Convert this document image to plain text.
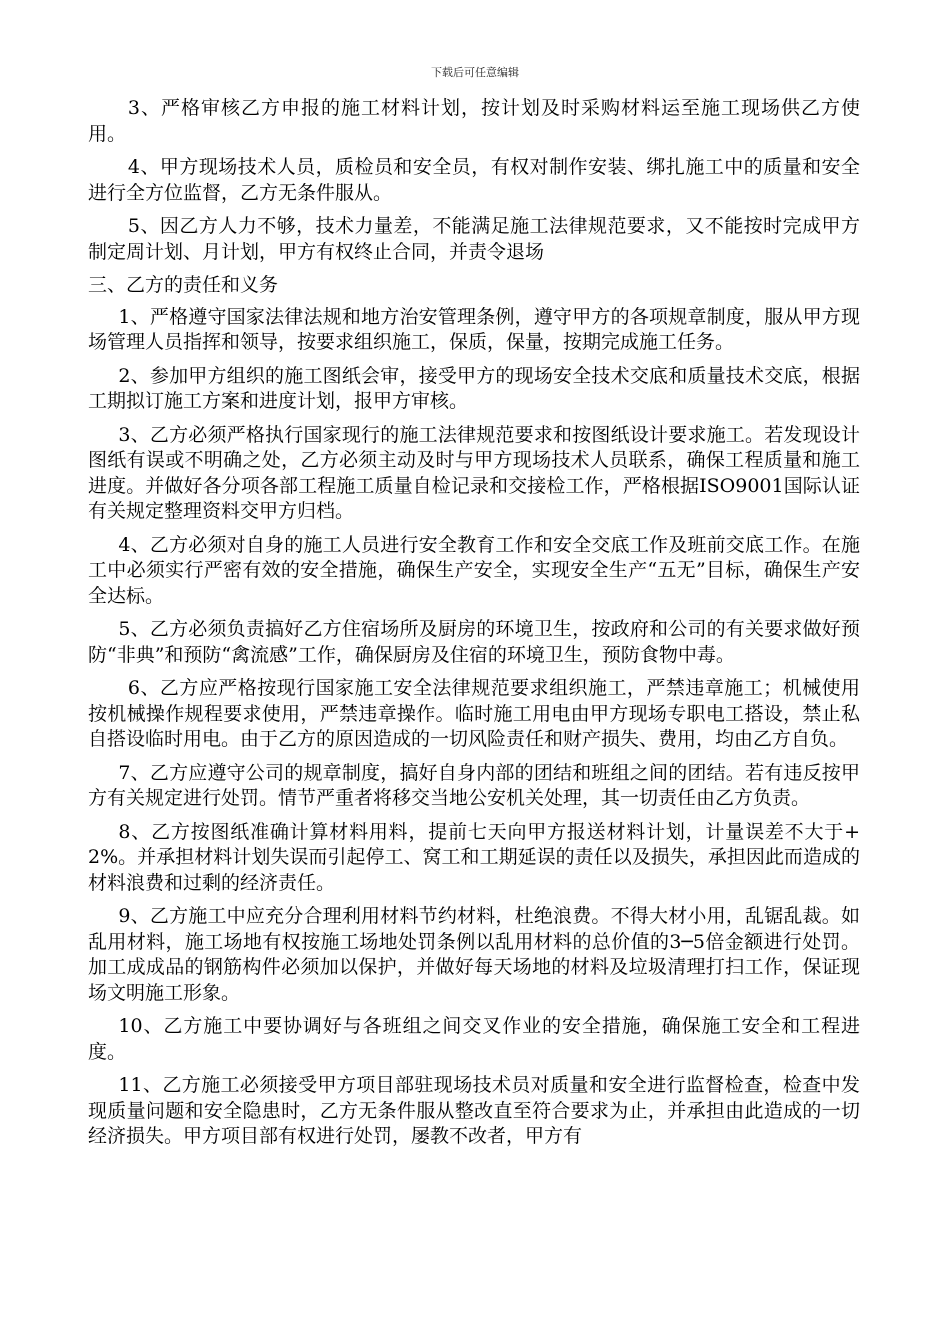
下载后可任意编辑

3、严格审核乙方申报的施工材料计划，按计划及时采购材料运至施工现场供乙方使用。

4、甲方现场技术人员，质检员和安全员，有权对制作安装、绑扎施工中的质量和安全进行全方位监督，乙方无条件服从。

5、因乙方人力不够，技术力量差，不能满足施工法律规范要求，又不能按时完成甲方制定周计划、月计划，甲方有权终止合同，并责令退场

三、乙方的责任和义务

1、严格遵守国家法律法规和地方治安管理条例，遵守甲方的各项规章制度，服从甲方现场管理人员指挥和领导，按要求组织施工，保质，保量，按期完成施工任务。

2、参加甲方组织的施工图纸会审，接受甲方的现场安全技术交底和质量技术交底，根据工期拟订施工方案和进度计划，报甲方审核。

3、乙方必须严格执行国家现行的施工法律规范要求和按图纸设计要求施工。若发现设计图纸有误或不明确之处，乙方必须主动及时与甲方现场技术人员联系，确保工程质量和施工进度。并做好各分项各部工程施工质量自检记录和交接检工作，严格根据ISO9001国际认证有关规定整理资料交甲方归档。

4、乙方必须对自身的施工人员进行安全教育工作和安全交底工作及班前交底工作。在施工中必须实行严密有效的安全措施，确保生产安全，实现安全生产“五无”目标，确保生产安全达标。

5、乙方必须负责搞好乙方住宿场所及厨房的环境卫生，按政府和公司的有关要求做好预防“非典”和预防“禽流感”工作，确保厨房及住宿的环境卫生，预防食物中毒。

6、乙方应严格按现行国家施工安全法律规范要求组织施工，严禁违章施工；机械使用按机械操作规程要求使用，严禁违章操作。临时施工用电由甲方现场专职电工搭设，禁止私自搭设临时用电。由于乙方的原因造成的一切风险责任和财产损失、费用，均由乙方自负。

7、乙方应遵守公司的规章制度，搞好自身内部的团结和班组之间的团结。若有违反按甲方有关规定进行处罚。情节严重者将移交当地公安机关处理，其一切责任由乙方负责。

8、乙方按图纸准确计算材料用料，提前七天向甲方报送材料计划，计量误差不大于+2%。并承担材料计划失误而引起停工、窝工和工期延误的责任以及损失，承担因此而造成的材料浪费和过剩的经济责任。

9、乙方施工中应充分合理利用材料节约材料，杜绝浪费。不得大材小用，乱锯乱裁。如乱用材料，施工场地有权按施工场地处罚条例以乱用材料的总价值的3─5倍金额进行处罚。加工成成品的钢筋构件必须加以保护，并做好每天场地的材料及垃圾清理打扫工作，保证现场文明施工形象。

10、乙方施工中要协调好与各班组之间交叉作业的安全措施，确保施工安全和工程进度。

11、乙方施工必须接受甲方项目部驻现场技术员对质量和安全进行监督检查，检查中发现质量问题和安全隐患时，乙方无条件服从整改直至符合要求为止，并承担由此造成的一切经济损失。甲方项目部有权进行处罚，屡教不改者，甲方有
